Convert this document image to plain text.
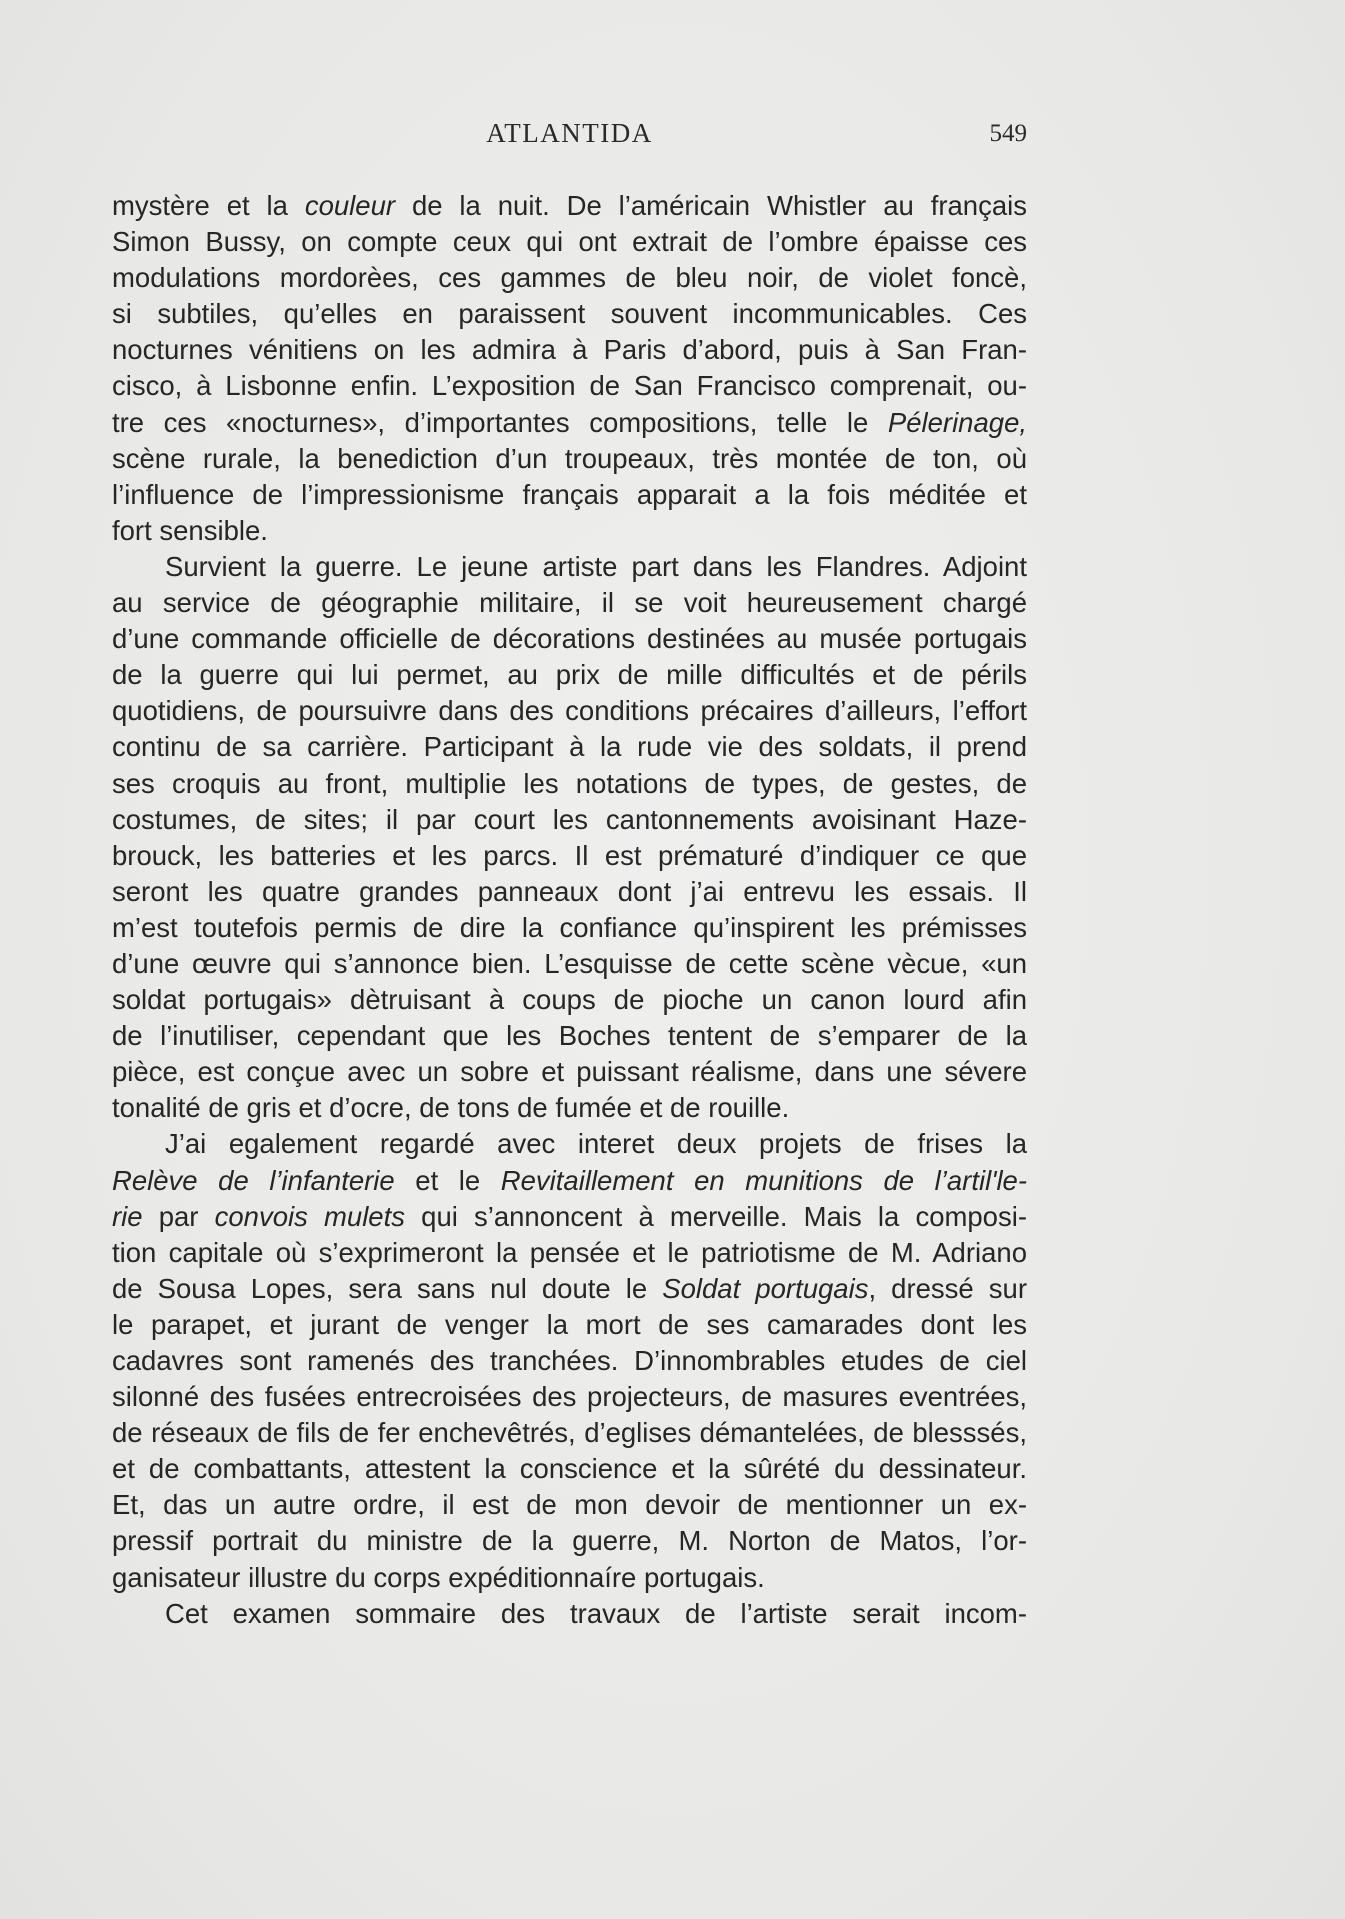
ATLANTIDA	549
mystère et la couleur de la nuit. De l’américain Whistler au français
Simon Bussy, on compte ceux qui ont extrait de l’ombre épaisse ces
modulations mordorèes, ces gammes de bleu noir, de violet foncè,
si subtiles, qu’elles en paraissent souvent incommunicables. Ces
nocturnes vénitiens on les admira à Paris d’abord, puis à San Fran-
cisco, à Lisbonne enfin. L’exposition de San Francisco comprenait, ou-
tre ces «nocturnes», d’importantes compositions, telle le Pélerinage,
scène rurale, la benediction d’un troupeaux, très montée de ton, où
l’influence de l’impressionisme français apparait a la fois méditée et
fort sensible.
Survient la guerre. Le jeune artiste part dans les Flandres. Adjoint
au service de géographie militaire, il se voit heureusement chargé
d’une commande officielle de décorations destinées au musée portugais
de la guerre qui lui permet, au prix de mille difficultés et de périls
quotidiens, de poursuivre dans des conditions précaires d’ailleurs, l’effort
continu de sa carrière. Participant à la rude vie des soldats, il prend
ses croquis au front, multiplie les notations de types, de gestes, de
costumes, de sites; il par court les cantonnements avoisinant Haze-
brouck, les batteries et les parcs. Il est prématuré d’indiquer ce que
seront les quatre grandes panneaux dont j’ai entrevu les essais. Il
m’est toutefois permis de dire la confiance qu’inspirent les prémisses
d’une œuvre qui s’annonce bien. L’esquisse de cette scène vècue, «un
soldat portugais» dètruisant à coups de pioche un canon lourd afin
de l’inutiliser, cependant que les Boches tentent de s’emparer de la
pièce, est conçue avec un sobre et puissant réalisme, dans une sévere
tonalité de gris et d’ocre, de tons de fumée et de rouille.
J’ai egalement regardé avec interet deux projets de frises la
Relève de l’infanterie et le Revitaillement en munitions de l’artil'le-
rie par convois mulets qui s’annoncent à merveille. Mais la composi-
tion capitale où s’exprimeront la pensée et le patriotisme de M. Adriano
de Sousa Lopes, sera sans nul doute le Soldat portugais, dressé sur
le parapet, et jurant de venger la mort de ses camarades dont les
cadavres sont ramenés des tranchées. D’innombrables etudes de ciel
silonné des fusées entrecroisées des projecteurs, de masures eventrées,
de réseaux de fils de fer enchevêtrés, d’eglises démantelées, de blesssés,
et de combattants, attestent la conscience et la sûrété du dessinateur.
Et, das un autre ordre, il est de mon devoir de mentionner un ex-
pressif portrait du ministre de la guerre, M. Norton de Matos, l’or-
ganisateur illustre du corps expéditionnaíre portugais.
Cet examen sommaire des travaux de l’artiste serait incom-
